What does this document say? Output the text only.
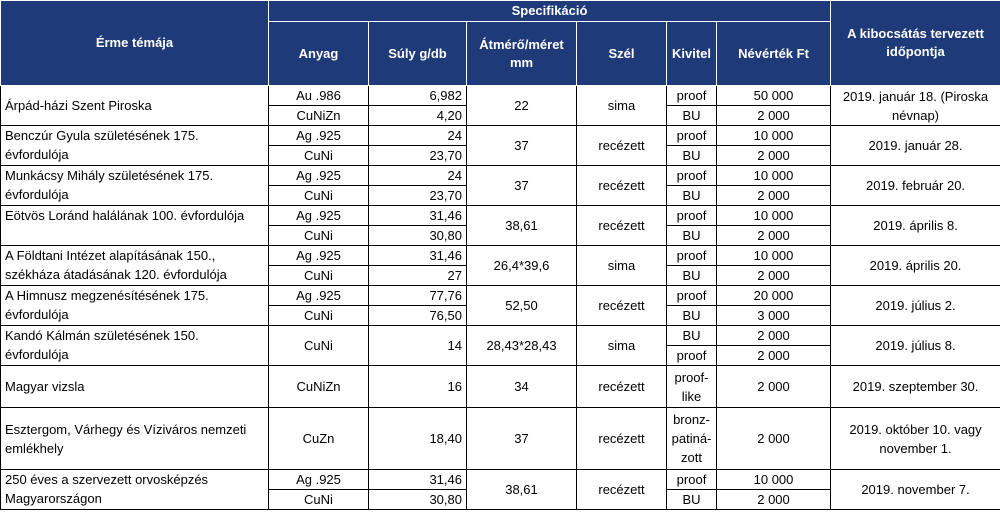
Érme témája	Specifikáció						A kibocsátás tervezett időpontja
	Anyag	Súly g/db	Átmérő/méret mm	Szél	Kivitel	Névérték Ft	
Árpád-házi Szent Piroska	Au .986	6,982	22	sima	proof	50 000	2019. január 18. (Piroska névnap)
	CuNiZn	4,20			BU	2 000	
Benczúr Gyula születésének 175. évfordulója	Ag .925	24	37	recézett	proof	10 000	2019. január 28.
	CuNi	23,70			BU	2 000	
Munkácsy Mihály születésének 175. évfordulója	Ag .925	24	37	recézett	proof	10 000	2019. február 20.
	CuNi	23,70			BU	2 000	
Eötvös Loránd halálának 100. évfordulója	Ag .925	31,46	38,61	recézett	proof	10 000	2019. április 8.
	CuNi	30,80			BU	2 000	
A Földtani Intézet alapításának 150., székháza átadásának 120. évfordulója	Ag .925	31,46	26,4*39,6	sima	proof	10 000	2019. április 20.
	CuNi	27			BU	2 000	
A Himnusz megzenésítésének 175. évfordulója	Ag .925	77,76	52,50	recézett	proof	20 000	2019. július 2.
	CuNi	76,50			BU	3 000	
Kandó Kálmán születésének 150. évfordulója	CuNi	14	28,43*28,43	sima	BU	2 000	2019. július 8.
					proof	2 000	
Magyar vizsla	CuNiZn	16	34	recézett	proof-like	2 000	2019. szeptember 30.
Esztergom, Várhegy és Víziváros nemzeti emlékhely	CuZn	18,40	37	recézett	bronz-patiná-zott	2 000	2019. október 10. vagy november 1.
250 éves a szervezett orvosképzés Magyarországon	Ag .925	31,46	38,61	recézett	proof	10 000	2019. november 7.
	CuNi	30,80			BU	2 000	
